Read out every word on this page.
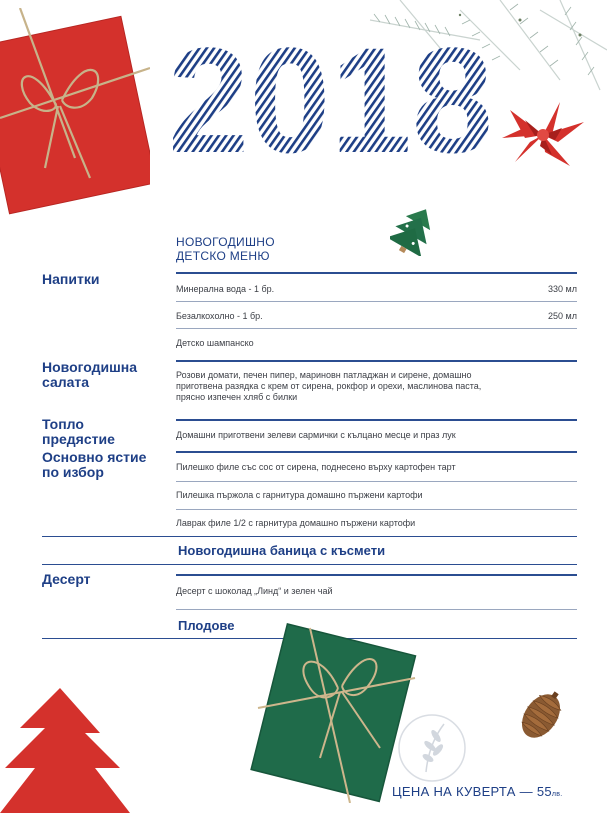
2018
НОВОГОДИШНО
ДЕТСКО МЕНЮ
Напитки
Минерална вода - 1 бр.	330 мл
Безалкохолно - 1 бр.	250 мл
Детско шампанско
Новогодишна
салата	Розови домати, печен пипер, мариновн патладжан и сирене, домашно приготвена разядка с крем от сирена, рокфор и орехи, маслинова паста, прясно изпечен хляб с билки
Топло
предястие	Домашни приготвени зелеви сармички с кълцано месце и праз лук
Основно ястие
по избор	Пилешко филе със сос от сирена, поднесено върху картофен тарт
Пилешка пържола с гарнитура домашно пържени картофи
Лаврак филе 1/2 с гарнитура домашно пържени картофи
Новогодишна баница с късмети
Десерт
Десерт с шоколад „Линд“ и зелен чай
Плодове
ЦЕНА НА КУВЕРТА — 55лв.
